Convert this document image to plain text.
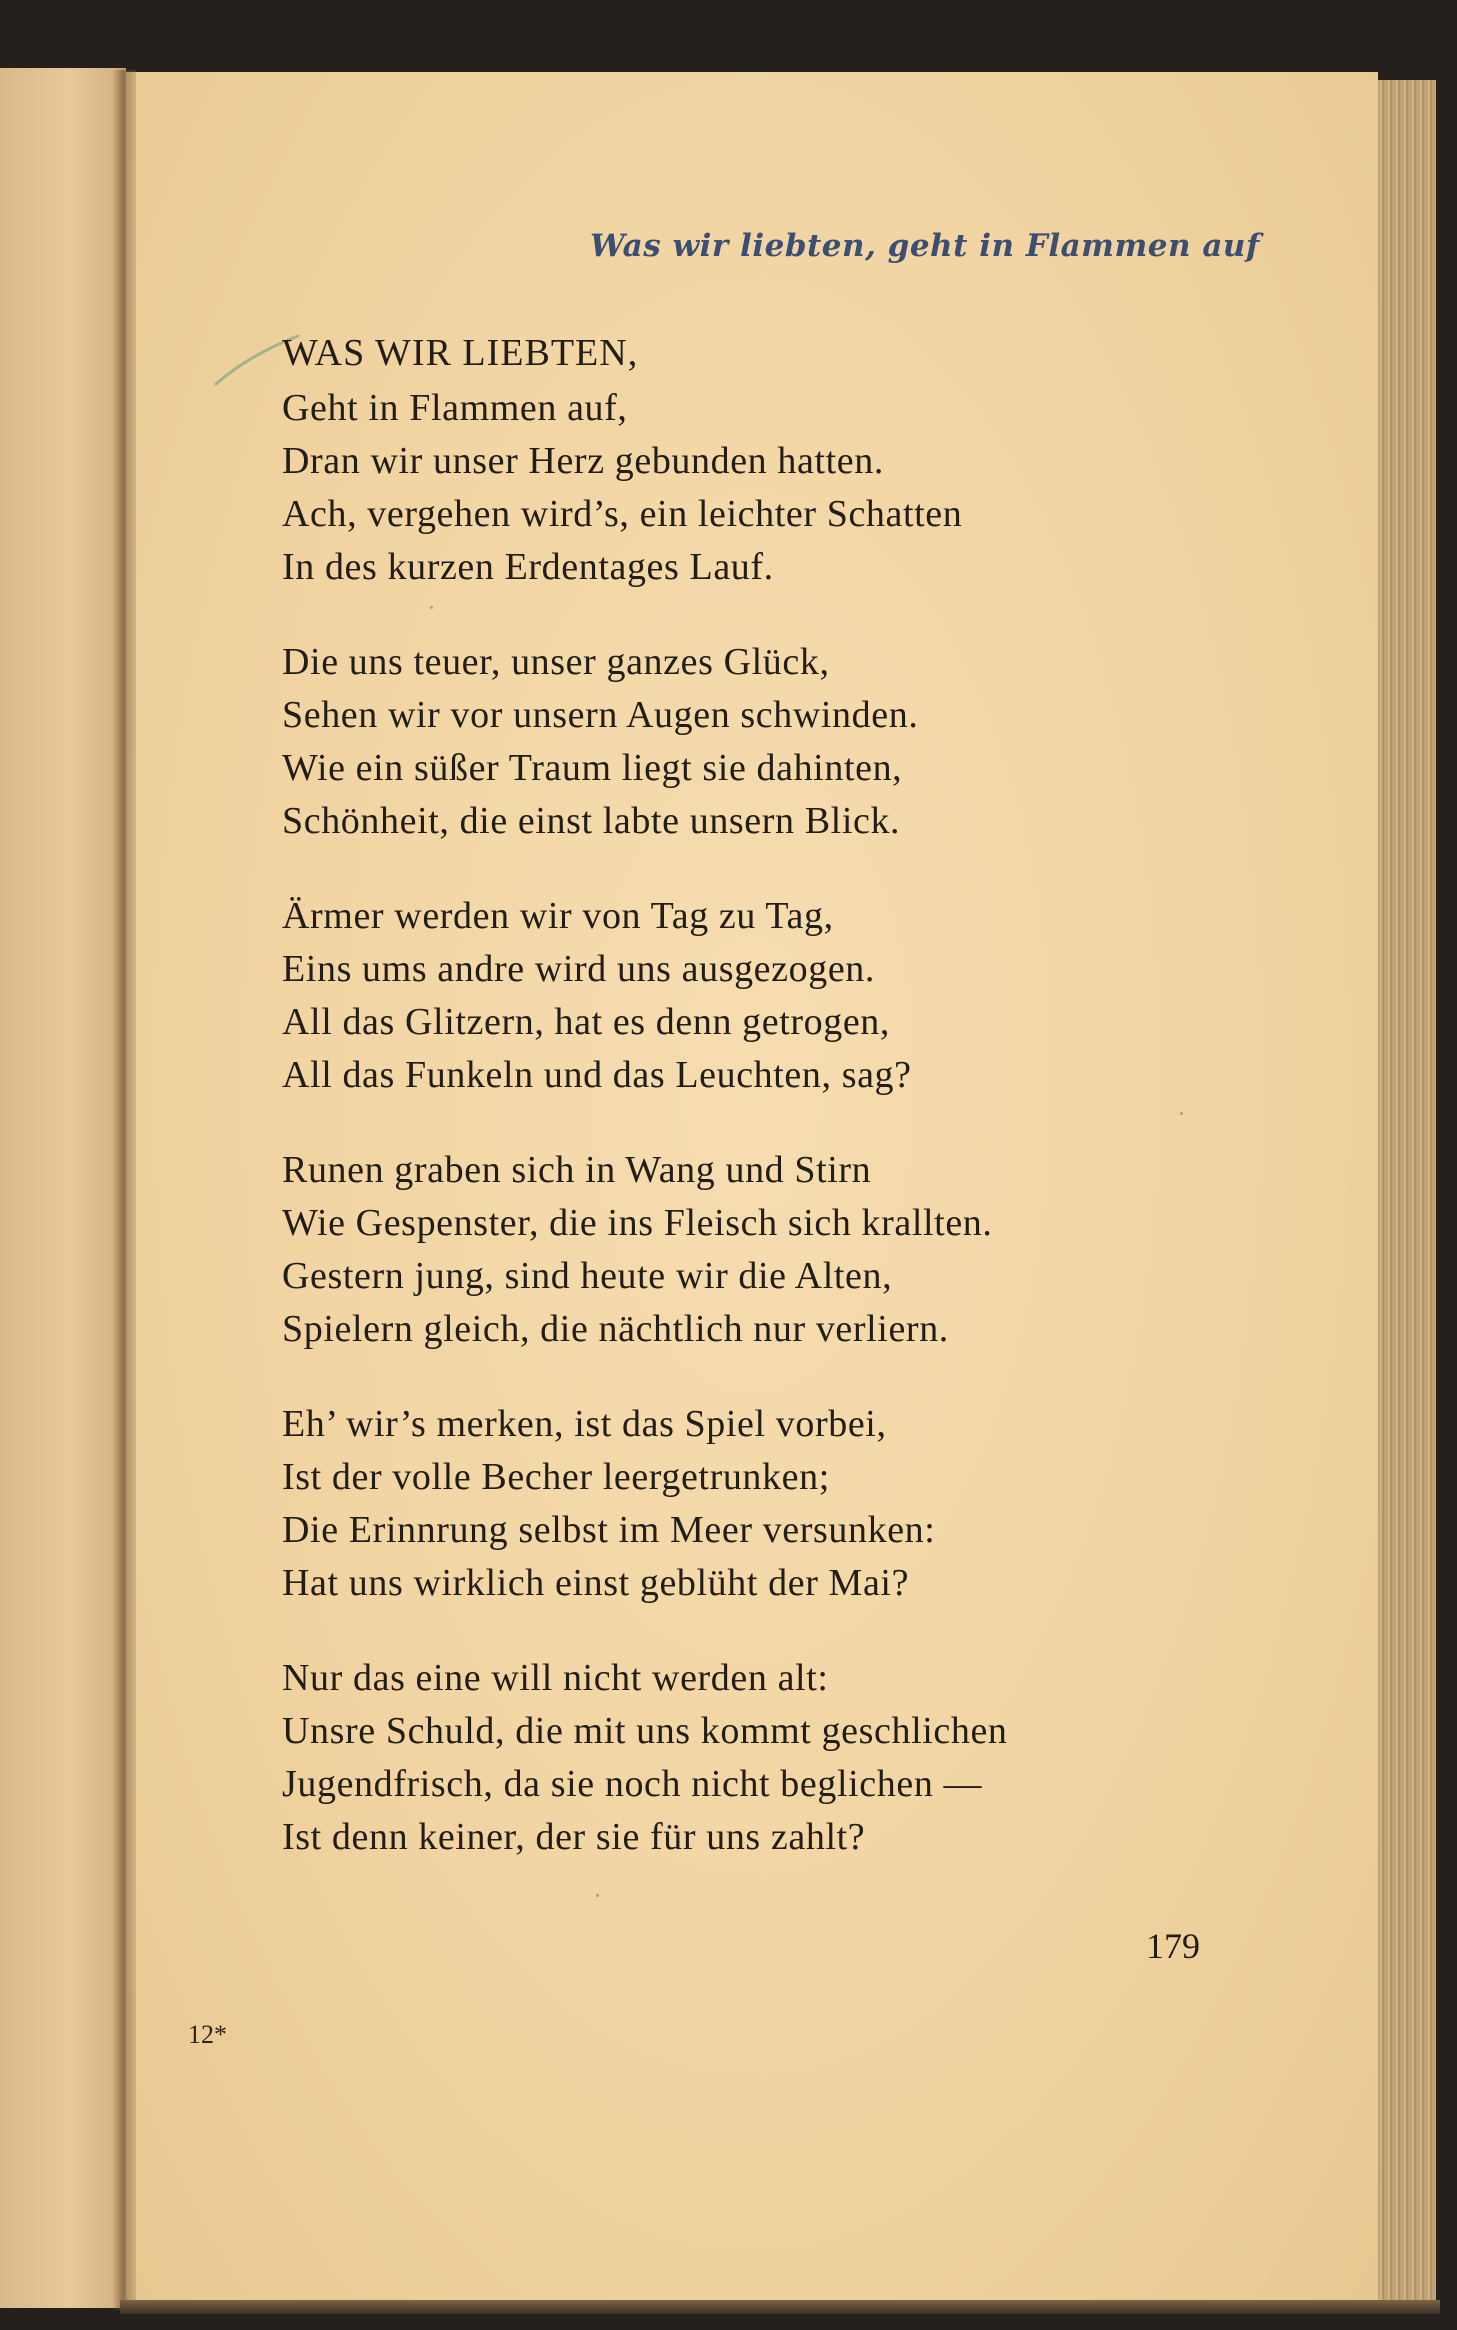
Was wir liebten, geht in Flammen auf
WAS WIR LIEBTEN,
Geht in Flammen auf,
Dran wir unser Herz gebunden hatten.
Ach, vergehen wird’s, ein leichter Schatten
In des kurzen Erdentages Lauf.
Die uns teuer, unser ganzes Glück,
Sehen wir vor unsern Augen schwinden.
Wie ein süßer Traum liegt sie dahinten,
Schönheit, die einst labte unsern Blick.
Ärmer werden wir von Tag zu Tag,
Eins ums andre wird uns ausgezogen.
All das Glitzern, hat es denn getrogen,
All das Funkeln und das Leuchten, sag?
Runen graben sich in Wang und Stirn
Wie Gespenster, die ins Fleisch sich krallten.
Gestern jung, sind heute wir die Alten,
Spielern gleich, die nächtlich nur verliern.
Eh’ wir’s merken, ist das Spiel vorbei,
Ist der volle Becher leergetrunken;
Die Erinnrung selbst im Meer versunken:
Hat uns wirklich einst geblüht der Mai?
Nur das eine will nicht werden alt:
Unsre Schuld, die mit uns kommt geschlichen
Jugendfrisch, da sie noch nicht beglichen —
Ist denn keiner, der sie für uns zahlt?
12*
179
